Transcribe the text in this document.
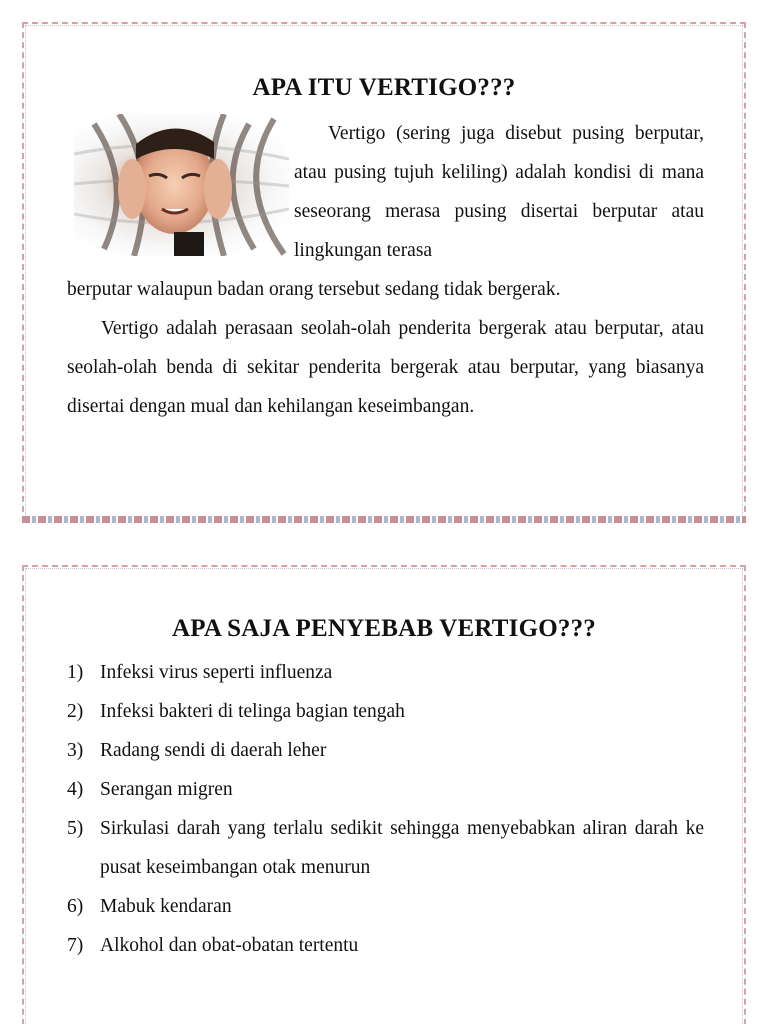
APA ITU VERTIGO???

Vertigo (sering juga disebut pusing berputar, atau pusing tujuh keliling) adalah kondisi di mana seseorang merasa pusing disertai berputar atau lingkungan terasa

berputar walaupun badan orang tersebut sedang tidak bergerak.

Vertigo adalah perasaan seolah-olah penderita bergerak atau berputar, atau seolah-olah benda di sekitar penderita bergerak atau berputar, yang biasanya disertai dengan mual dan kehilangan keseimbangan.

APA SAJA PENYEBAB VERTIGO???
1) Infeksi virus seperti influenza
2) Infeksi bakteri di telinga bagian tengah
3) Radang sendi di daerah leher
4) Serangan migren
5) Sirkulasi darah yang terlalu sedikit sehingga menyebabkan aliran darah ke pusat keseimbangan otak menurun
6) Mabuk kendaran
7) Alkohol dan obat-obatan tertentu
